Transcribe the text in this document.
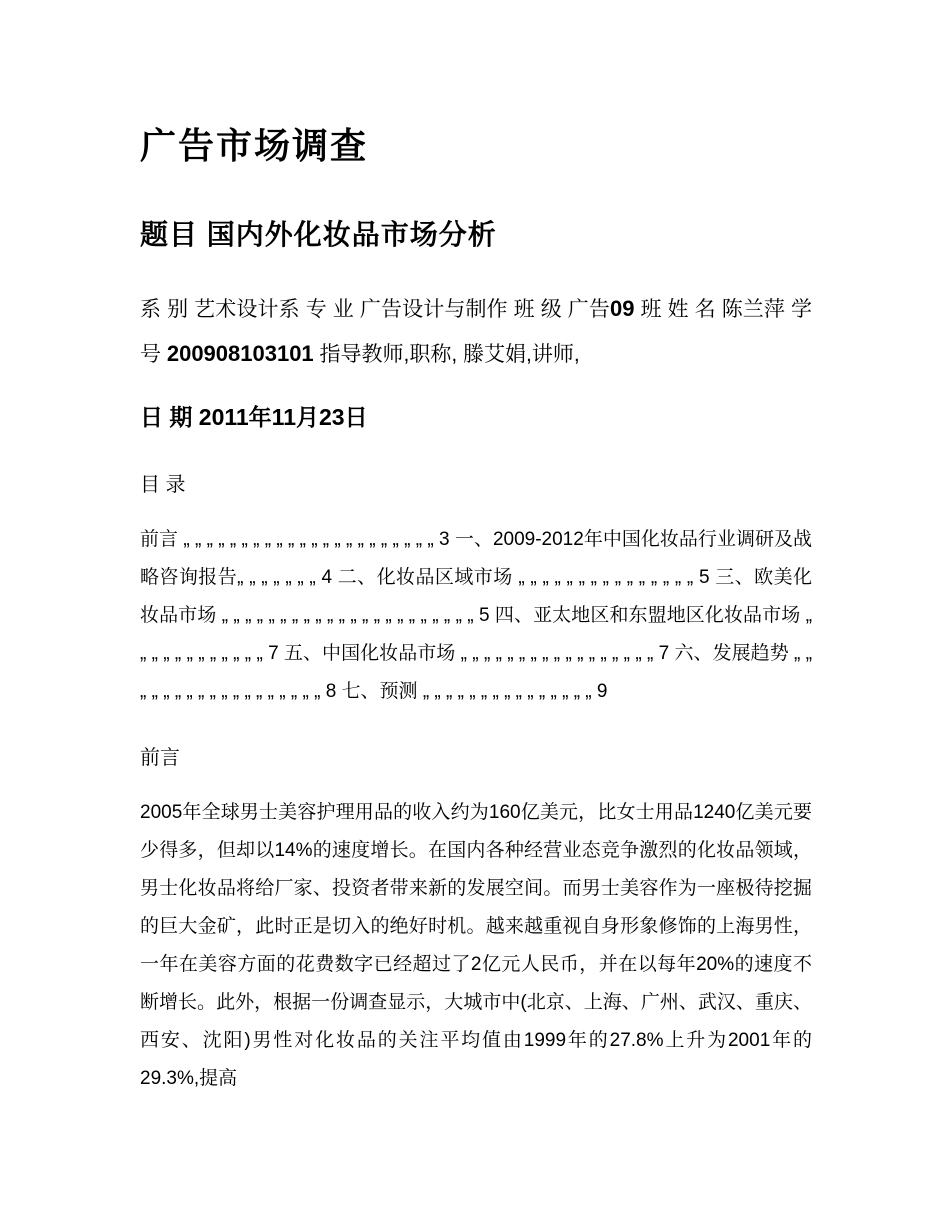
广告市场调查
题目 国内外化妆品市场分析

系 别 艺术设计系 专 业 广告设计与制作 班 级 广告09 班 姓 名 陈兰萍 学 号 200908103101 指导教师,职称, 滕艾娟,讲师,

日 期 2011年11月23日

目 录

前言 „ „ „ „ „ „ „ „ „ „ „ „ „ „ „ „ „ „ „ „ „ „ 3 一、2009-2012年中国化妆品行业调研及战略咨询报告„ „ „ „ „ „ „ 4 二、化妆品区域市场 „ „ „ „ „ „ „ „ „ „ „ „ „ „ „ 5 三、欧美化妆品市场 „ „ „ „ „ „ „ „ „ „ „ „ „ „ „ „ „ „ „ „ „ „ 5 四、亚太地区和东盟地区化妆品市场 „ „ „ „ „ „ „ „ „ „ „ „ 7 五、中国化妆品市场 „ „ „ „ „ „ „ „ „ „ „ „ „ „ „ „ „ 7 六、发展趋势 „ „ „ „ „ „ „ „ „ „ „ „ „ „ „ „ „ „ 8 七、预测 „ „ „ „ „ „ „ „ „ „ „ „ „ „ „ 9

前言

2005年全球男士美容护理用品的收入约为160亿美元，比女士用品1240亿美元要少得多，但却以14%的速度增长。在国内各种经营业态竞争激烈的化妆品领域，男士化妆品将给厂家、投资者带来新的发展空间。而男士美容作为一座极待挖掘的巨大金矿，此时正是切入的绝好时机。越来越重视自身形象修饰的上海男性，一年在美容方面的花费数字已经超过了2亿元人民币，并在以每年20%的速度不断增长。此外，根据一份调查显示，大城市中(北京、上海、广州、武汉、重庆、西安、沈阳)男性对化妆品的关注平均值由1999年的27.8%上升为2001年的29.3%,提高
